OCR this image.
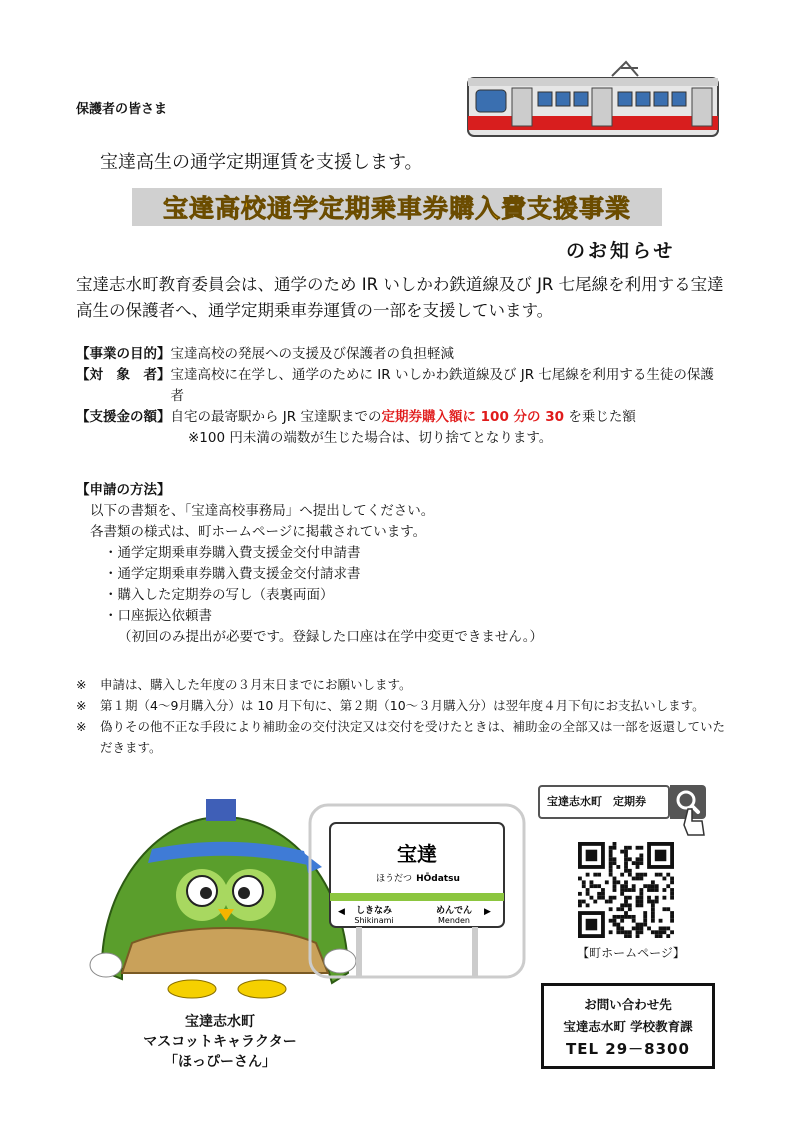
保護者の皆さま
宝達高生の通学定期運賃を支援します。
宝達高校通学定期乗車券購入費支援事業
のお知らせ
宝達志水町教育委員会は、通学のため IR いしかわ鉄道線及び JR 七尾線を利用する宝達高生の保護者へ、通学定期乗車券運賃の一部を支援しています。
【事業の目的】 宝達高校の発展への支援及び保護者の負担軽減
【対　象　者】 宝達高校に在学し、通学のために IR いしかわ鉄道線及び JR 七尾線を利用する生徒の保護者
【支援金の額】 自宅の最寄駅から JR 宝達駅までの定期券購入額に 100 分の 30 を乗じた額
※100 円未満の端数が生じた場合は、切り捨てとなります。
【申請の方法】
以下の書類を、「宝達高校事務局」へ提出してください。
各書類の様式は、町ホームページに掲載されています。
・通学定期乗車券購入費支援金交付申請書
・通学定期乗車券購入費支援金交付請求書
・購入した定期券の写し（表裏両面）
・口座振込依頼書
（初回のみ提出が必要です。登録した口座は在学中変更できません。）
※	申請は、購入した年度の３月末日までにお願いします。
※	第１期（4～9月購入分）は 10 月下旬に、第２期（10～３月購入分）は翌年度４月下旬にお支払いします。
※	偽りその他不正な手段により補助金の交付決定又は交付を受けたときは、補助金の全部又は一部を返還していただきます。
宝達志水町
マスコットキャラクター
「ほっぴーさん」
宝達
ほうだつ HŌdatsu
◀ しきなみ
Shikinami
めんでん
Menden
▶
宝達志水町　定期券
【町ホームページ】
お問い合わせ先
宝達志水町 学校教育課
TEL 29－8300
